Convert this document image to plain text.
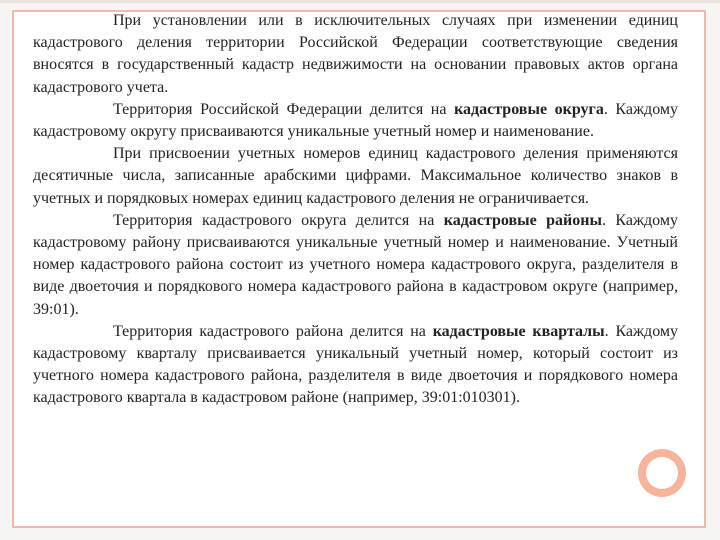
При установлении или в исключительных случаях при изменении единиц кадастрового деления территории Российской Федерации соответствующие сведения вносятся в государственный кадастр недвижимости на основании правовых актов органа кадастрового учета.

Территория Российской Федерации делится на кадастровые округа. Каждому кадастровому округу присваиваются уникальные учетный номер и наименование.

При присвоении учетных номеров единиц кадастрового деления применяются десятичные числа, записанные арабскими цифрами. Максимальное количество знаков в учетных и порядковых номерах единиц кадастрового деления не ограничивается.

Территория кадастрового округа делится на кадастровые районы. Каждому кадастровому району присваиваются уникальные учетный номер и наименование. Учетный номер кадастрового района состоит из учетного номера кадастрового округа, разделителя в виде двоеточия и порядкового номера кадастрового района в кадастровом округе (например, 39:01).

Территория кадастрового района делится на кадастровые кварталы. Каждому кадастровому кварталу присваивается уникальный учетный номер, который состоит из учетного номера кадастрового района, разделителя в виде двоеточия и порядкового номера кадастрового квартала в кадастровом районе (например, 39:01:010301).
